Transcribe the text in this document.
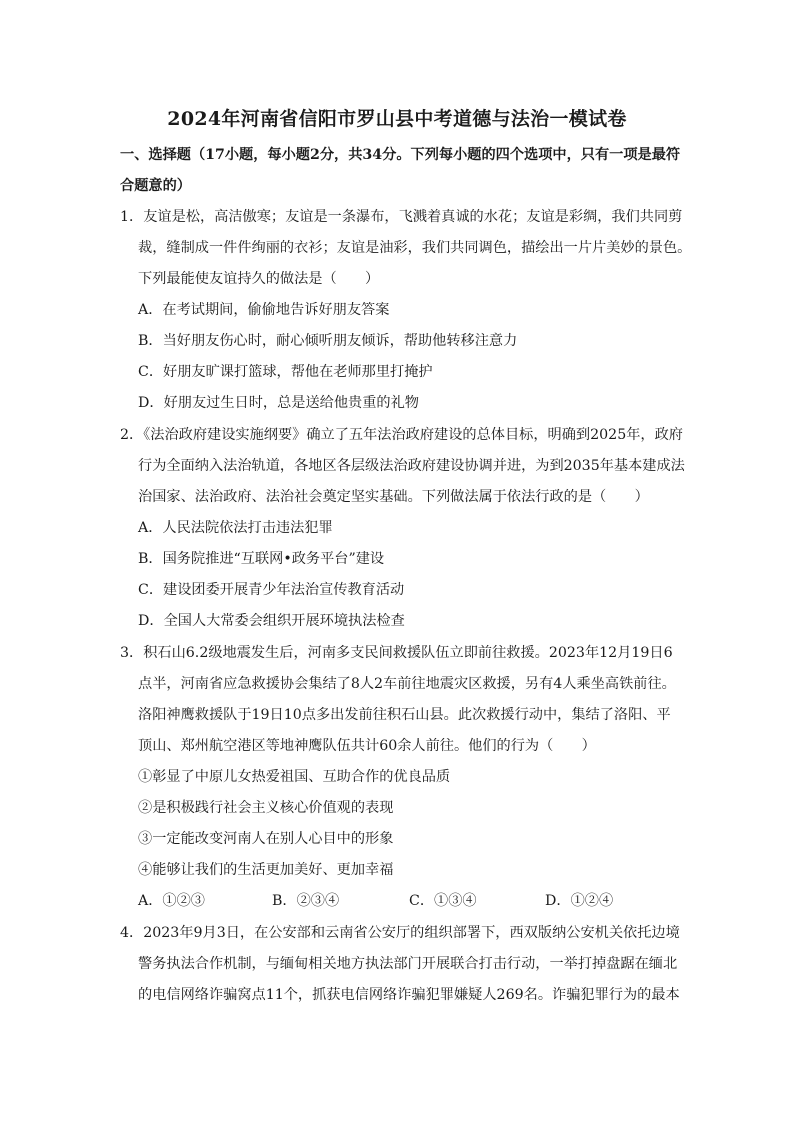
2024年河南省信阳市罗山县中考道德与法治一模试卷
一、选择题（17小题，每小题2分，共34分。下列每小题的四个选项中，只有一项是最符
合题意的）
1．友谊是松，高洁傲寒；友谊是一条瀑布，飞溅着真诚的水花；友谊是彩绸，我们共同剪
裁，缝制成一件件绚丽的衣衫；友谊是油彩，我们共同调色，描绘出一片片美妙的景色。
下列最能使友谊持久的做法是（　　）
A．在考试期间，偷偷地告诉好朋友答案
B．当好朋友伤心时，耐心倾听朋友倾诉，帮助他转移注意力
C．好朋友旷课打篮球，帮他在老师那里打掩护
D．好朋友过生日时，总是送给他贵重的礼物
2．《法治政府建设实施纲要》确立了五年法治政府建设的总体目标，明确到2025年，政府
行为全面纳入法治轨道，各地区各层级法治政府建设协调并进，为到2035年基本建成法
治国家、法治政府、法治社会奠定坚实基础。下列做法属于依法行政的是（　　）
A．人民法院依法打击违法犯罪
B．国务院推进“互联网•政务平台”建设
C．建设团委开展青少年法治宣传教育活动
D．全国人大常委会组织开展环境执法检查
3．积石山6.2级地震发生后，河南多支民间救援队伍立即前往救援。2023年12月19日6
点半，河南省应急救援协会集结了8人2车前往地震灾区救援，另有4人乘坐高铁前往。
洛阳神鹰救援队于19日10点多出发前往积石山县。此次救援行动中，集结了洛阳、平
顶山、郑州航空港区等地神鹰队伍共计60余人前往。他们的行为（　　）
①彰显了中原儿女热爱祖国、互助合作的优良品质
②是积极践行社会主义核心价值观的表现
③一定能改变河南人在别人心目中的形象
④能够让我们的生活更加美好、更加幸福
A．①②③	B．②③④	C．①③④	D．①②④
4．2023年9月3日，在公安部和云南省公安厅的组织部署下，西双版纳公安机关依托边境
警务执法合作机制，与缅甸相关地方执法部门开展联合打击行动，一举打掉盘踞在缅北
的电信网络诈骗窝点11个，抓获电信网络诈骗犯罪嫌疑人269名。诈骗犯罪行为的最本
